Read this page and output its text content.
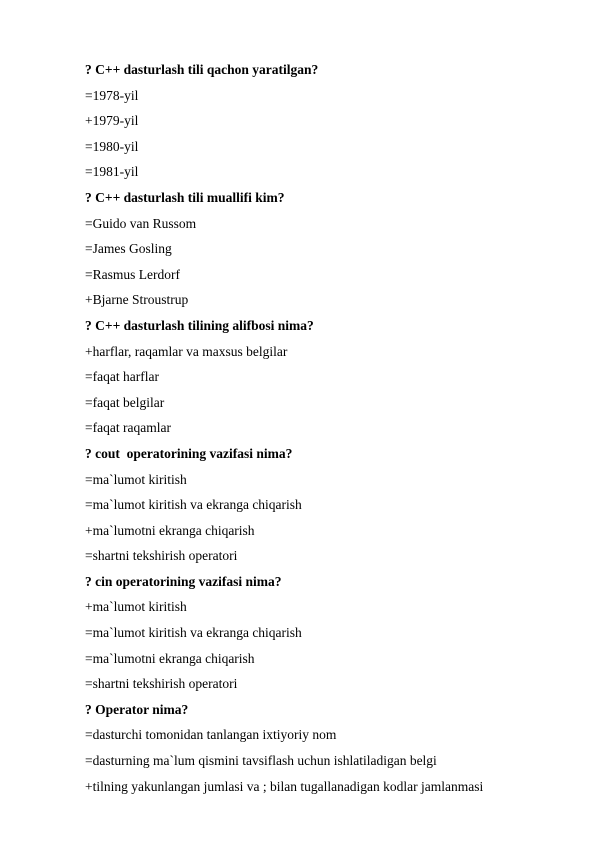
? C++ dasturlash tili qachon yaratilgan?
=1978-yil
+1979-yil
=1980-yil
=1981-yil
? C++ dasturlash tili muallifi kim?
=Guido van Russom
=James Gosling
=Rasmus Lerdorf
+Bjarne Stroustrup
? C++ dasturlash tilining alifbosi nima?
+harflar, raqamlar va maxsus belgilar
=faqat harflar
=faqat belgilar
=faqat raqamlar
? cout  operatorining vazifasi nima?
=ma`lumot kiritish
=ma`lumot kiritish va ekranga chiqarish
+ma`lumotni ekranga chiqarish
=shartni tekshirish operatori
? cin operatorining vazifasi nima?
+ma`lumot kiritish
=ma`lumot kiritish va ekranga chiqarish
=ma`lumotni ekranga chiqarish
=shartni tekshirish operatori
? Operator nima?
=dasturchi tomonidan tanlangan ixtiyoriy nom
=dasturning ma`lum qismini tavsiflash uchun ishlatiladigan belgi
+tilning yakunlangan jumlasi va ; bilan tugallanadigan kodlar jamlanmasi
